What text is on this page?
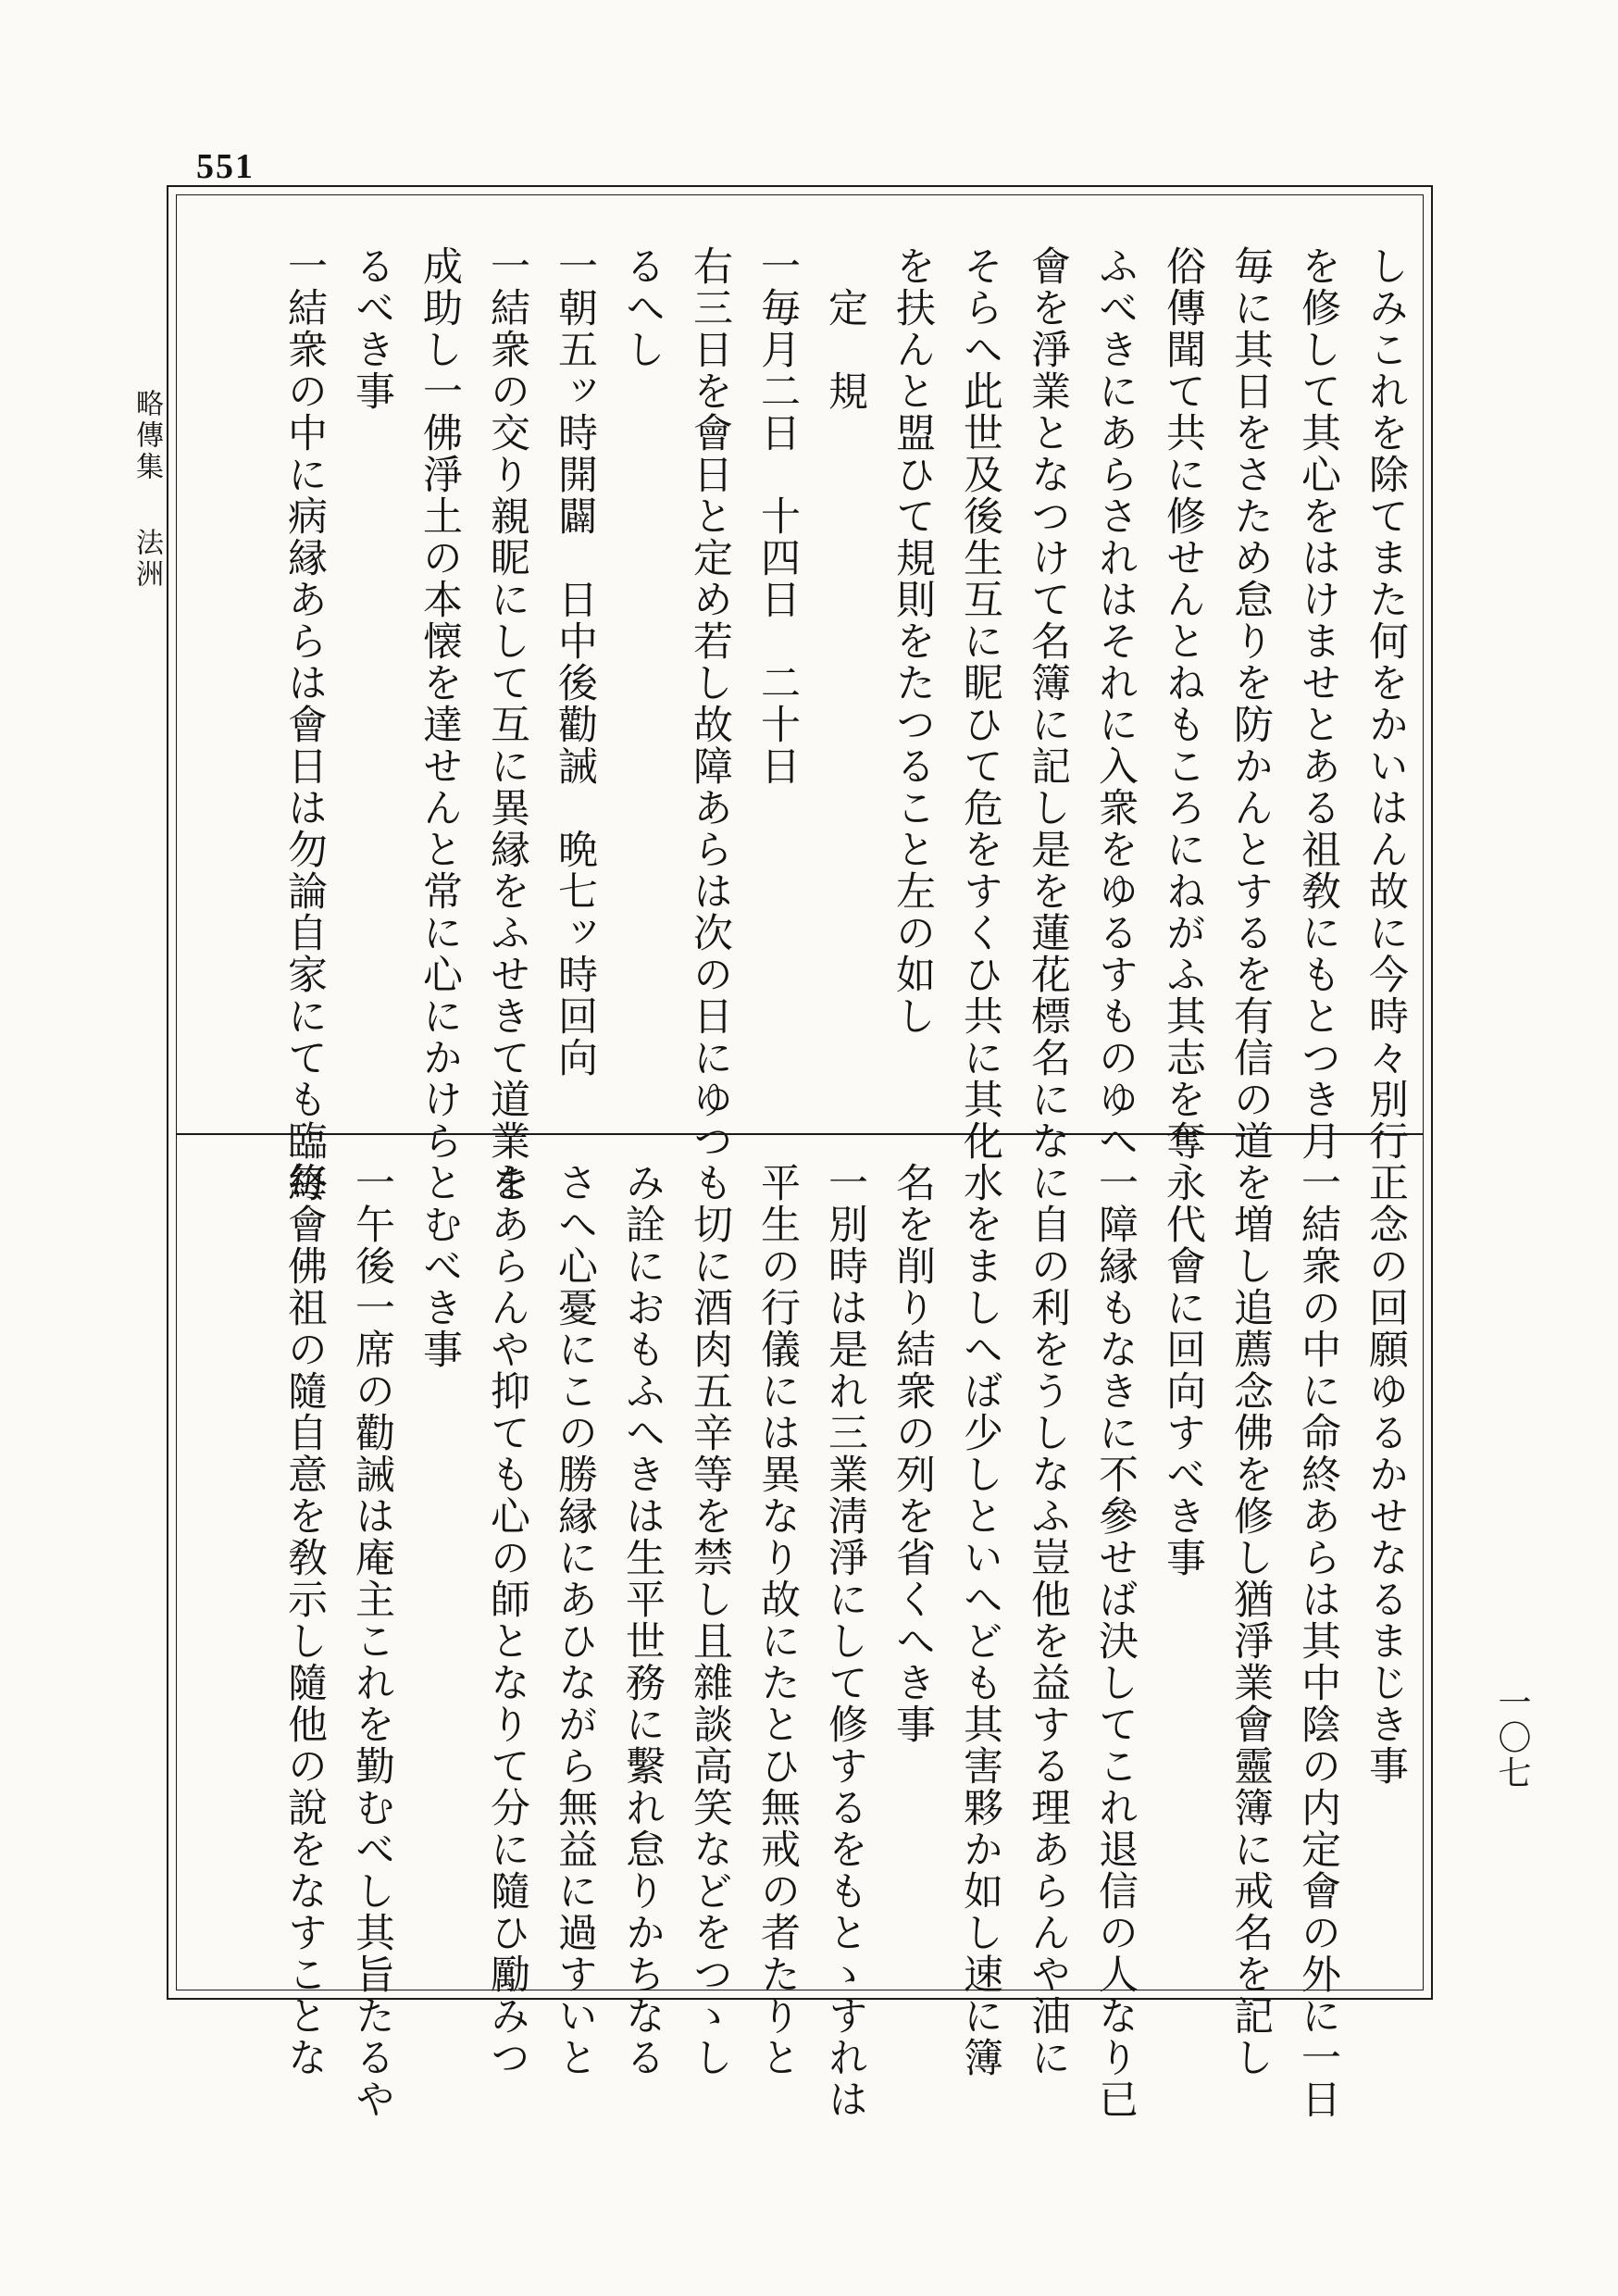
551
略傳集
法洲
一〇七
しみこれを除てまた何をかいはん故に今時々別行
を修して其心をはけませとある祖敎にもとつき月
毎に其日をさため怠りを防かんとするを有信の道
俗傳聞て共に修せんとねもころにねがふ其志を奪
ふべきにあらされはそれに入衆をゆるすものゆへ
會を淨業となつけて名簿に記し是を蓮花標名にな
そらへ此世及後生互に眤ひて危をすくひ共に其化
を扶んと盟ひて規則をたつること左の如し
　定　規
一毎月二日　十四日　二十日
右三日を會日と定め若し故障あらは次の日にゆつ
るへし
一朝五ッ時開闢　日中後勸誡　晩七ッ時回向
一結衆の交り親眤にして互に異縁をふせきて道業を
成助し一佛淨土の本懐を達せんと常に心にかけら
るべき事
一結衆の中に病縁あらは會日は勿論自家にても臨終
正念の回願ゆるかせなるまじき事
一結衆の中に命終あらは其中陰の内定會の外に一日
を増し追薦念佛を修し猶淨業會靈簿に戒名を記し
永代會に回向すべき事
一障縁もなきに不參せば決してこれ退信の人なり已
に自の利をうしなふ豈他を益する理あらんや油に
水をましへば少しといへども其害夥か如し速に簿
名を削り結衆の列を省くへき事
一別時は是れ三業淸淨にして修するをもとゝすれは
平生の行儀には異なり故にたとひ無戒の者たりと
も切に酒肉五辛等を禁し且雜談高笑などをつゝし
み詮におもふへきは生平世務に繫れ怠りかちなる
さへ心憂にこの勝縁にあひながら無益に過すいと
まあらんや抑ても心の師となりて分に隨ひ勵みつ
とむべき事
一午後一席の勸誡は庵主これを勤むべし其旨たるや
毎會佛祖の隨自意を敎示し隨他の說をなすことな
